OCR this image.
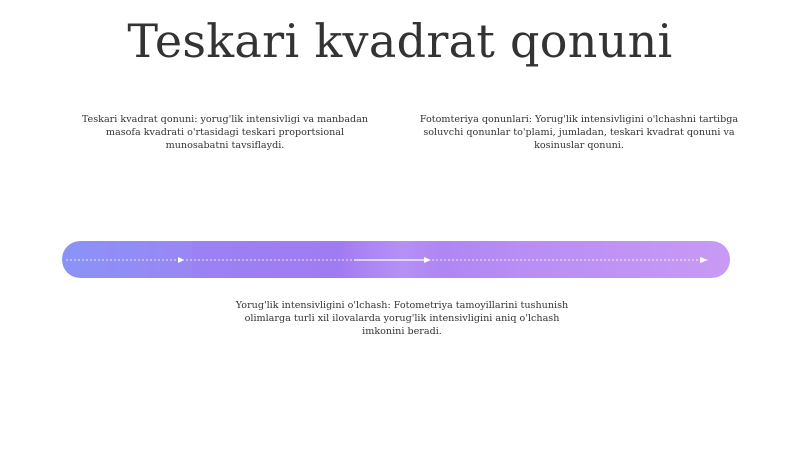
Teskari kvadrat qonuni

Teskari kvadrat qonuni: yorug'lik intensivligi va manbadan masofa kvadrati o'rtasidagi teskari proportsional munosabatni tavsiflaydi.

Fotomteriya qonunlari: Yorug'lik intensivligini o'lchashni tartibga soluvchi qonunlar to'plami, jumladan, teskari kvadrat qonuni va kosinuslar qonuni.

Yorug'lik intensivligini o'lchash: Fotometriya tamoyillarini tushunish olimlarga turli xil ilovalarda yorug'lik intensivligini aniq o'lchash imkonini beradi.
